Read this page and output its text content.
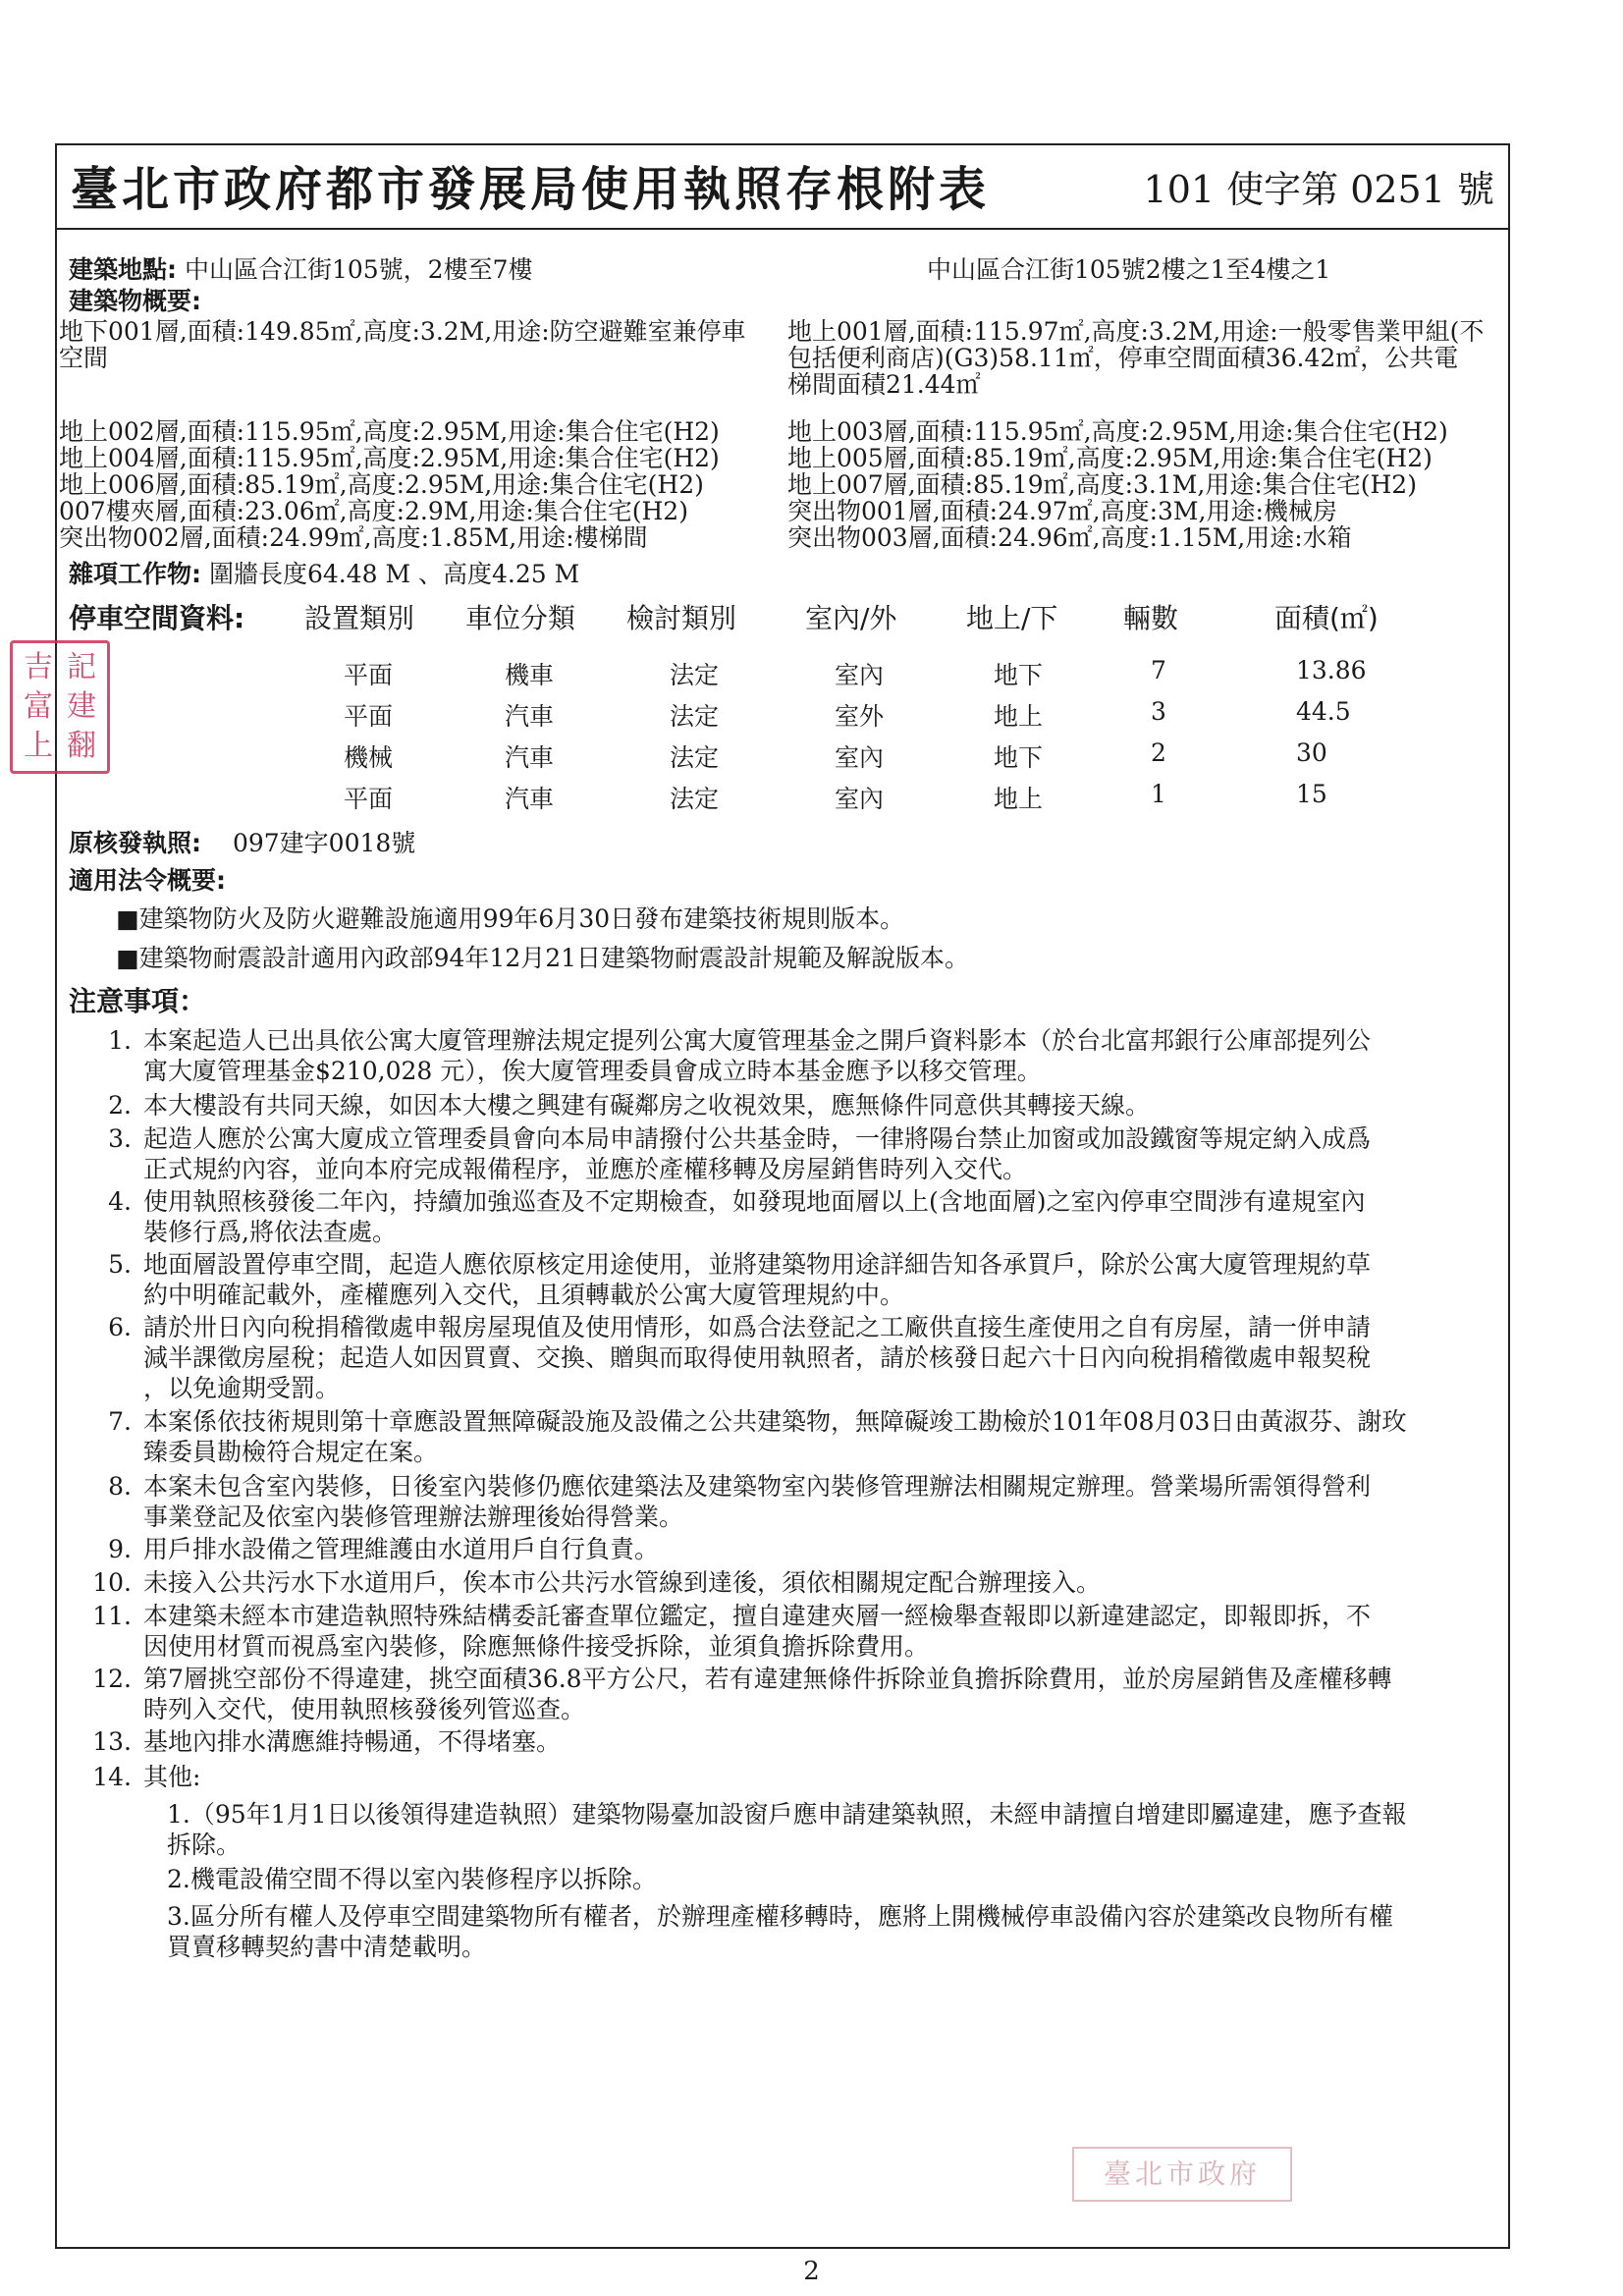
臺北市政府都市發展局使用執照存根附表	101 使字第 0251 號
建築地點: 中山區合江街105號，2樓至7樓	中山區合江街105號2樓之1至4樓之1
建築物概要:
地下001層,面積:149.85㎡,高度:3.2M,用途:防空避難室兼停車
空間
地上001層,面積:115.97㎡,高度:3.2M,用途:一般零售業甲組(不
包括便利商店)(G3)58.11㎡，停車空間面積36.42㎡，公共電
梯間面積21.44㎡
地上002層,面積:115.95㎡,高度:2.95M,用途:集合住宅(H2)
地上004層,面積:115.95㎡,高度:2.95M,用途:集合住宅(H2)
地上006層,面積:85.19㎡,高度:2.95M,用途:集合住宅(H2)
007樓夾層,面積:23.06㎡,高度:2.9M,用途:集合住宅(H2)
突出物002層,面積:24.99㎡,高度:1.85M,用途:樓梯間
地上003層,面積:115.95㎡,高度:2.95M,用途:集合住宅(H2)
地上005層,面積:85.19㎡,高度:2.95M,用途:集合住宅(H2)
地上007層,面積:85.19㎡,高度:3.1M,用途:集合住宅(H2)
突出物001層,面積:24.97㎡,高度:3M,用途:機械房
突出物003層,面積:24.96㎡,高度:1.15M,用途:水箱
雜項工作物: 圍牆長度64.48 M 、高度4.25 M
停車空間資料: 設置類別 車位分類 檢討類別 室內/外	地上/下 輛數	面積(㎡)
平面	機車	法定	室內	地下	7	13.86
平面	汽車	法定	室外	地上	3	44.5
機械	汽車	法定	室內	地下	2	30
平面	汽車	法定	室內	地上	1	15
原核發執照: 097建字0018號
適用法令概要:
■建築物防火及防火避難設施適用99年6月30日發布建築技術規則版本。
■建築物耐震設計適用內政部94年12月21日建築物耐震設計規範及解說版本。
注意事項：
1. 本案起造人已出具依公寓大廈管理辦法規定提列公寓大廈管理基金之開戶資料影本（於台北富邦銀行公庫部提列公
寓大廈管理基金$210,028 元），俟大廈管理委員會成立時本基金應予以移交管理。
2. 本大樓設有共同天線，如因本大樓之興建有礙鄰房之收視效果，應無條件同意供其轉接天線。
3. 起造人應於公寓大廈成立管理委員會向本局申請撥付公共基金時，一律將陽台禁止加窗或加設鐵窗等規定納入成爲
正式規約內容，並向本府完成報備程序，並應於產權移轉及房屋銷售時列入交代。
4. 使用執照核發後二年內，持續加強巡查及不定期檢查，如發現地面層以上(含地面層)之室內停車空間涉有違規室內
裝修行爲,將依法查處。
5. 地面層設置停車空間，起造人應依原核定用途使用，並將建築物用途詳細告知各承買戶，除於公寓大廈管理規約草
約中明確記載外，產權應列入交代，且須轉載於公寓大廈管理規約中。
6. 請於卅日內向稅捐稽徵處申報房屋現值及使用情形，如爲合法登記之工廠供直接生產使用之自有房屋，請一併申請
減半課徵房屋稅；起造人如因買賣、交換、贈與而取得使用執照者，請於核發日起六十日內向稅捐稽徵處申報契稅
，以免逾期受罰。
7. 本案係依技術規則第十章應設置無障礙設施及設備之公共建築物，無障礙竣工勘檢於101年08月03日由黃淑芬、謝玫
臻委員勘檢符合規定在案。
8. 本案未包含室內裝修，日後室內裝修仍應依建築法及建築物室內裝修管理辦法相關規定辦理。營業場所需領得營利
事業登記及依室內裝修管理辦法辦理後始得營業。
9. 用戶排水設備之管理維護由水道用戶自行負責。
10. 未接入公共污水下水道用戶，俟本市公共污水管線到達後，須依相關規定配合辦理接入。
11. 本建築未經本市建造執照特殊結構委託審查單位鑑定，擅自違建夾層一經檢舉查報即以新違建認定，即報即拆，不
因使用材質而視爲室內裝修，除應無條件接受拆除，並須負擔拆除費用。
12. 第7層挑空部份不得違建，挑空面積36.8平方公尺，若有違建無條件拆除並負擔拆除費用，並於房屋銷售及產權移轉
時列入交代，使用執照核發後列管巡查。
13. 基地內排水溝應維持暢通，不得堵塞。
14. 其他:
1.（95年1月1日以後領得建造執照）建築物陽臺加設窗戶應申請建築執照，未經申請擅自增建即屬違建，應予查報
拆除。
2.機電設備空間不得以室內裝修程序以拆除。
3.區分所有權人及停車空間建築物所有權者，於辦理產權移轉時，應將上開機械停車設備內容於建築改良物所有權
買賣移轉契約書中清楚載明。
吉 記
富 建
上 翻
臺北市政府
2
